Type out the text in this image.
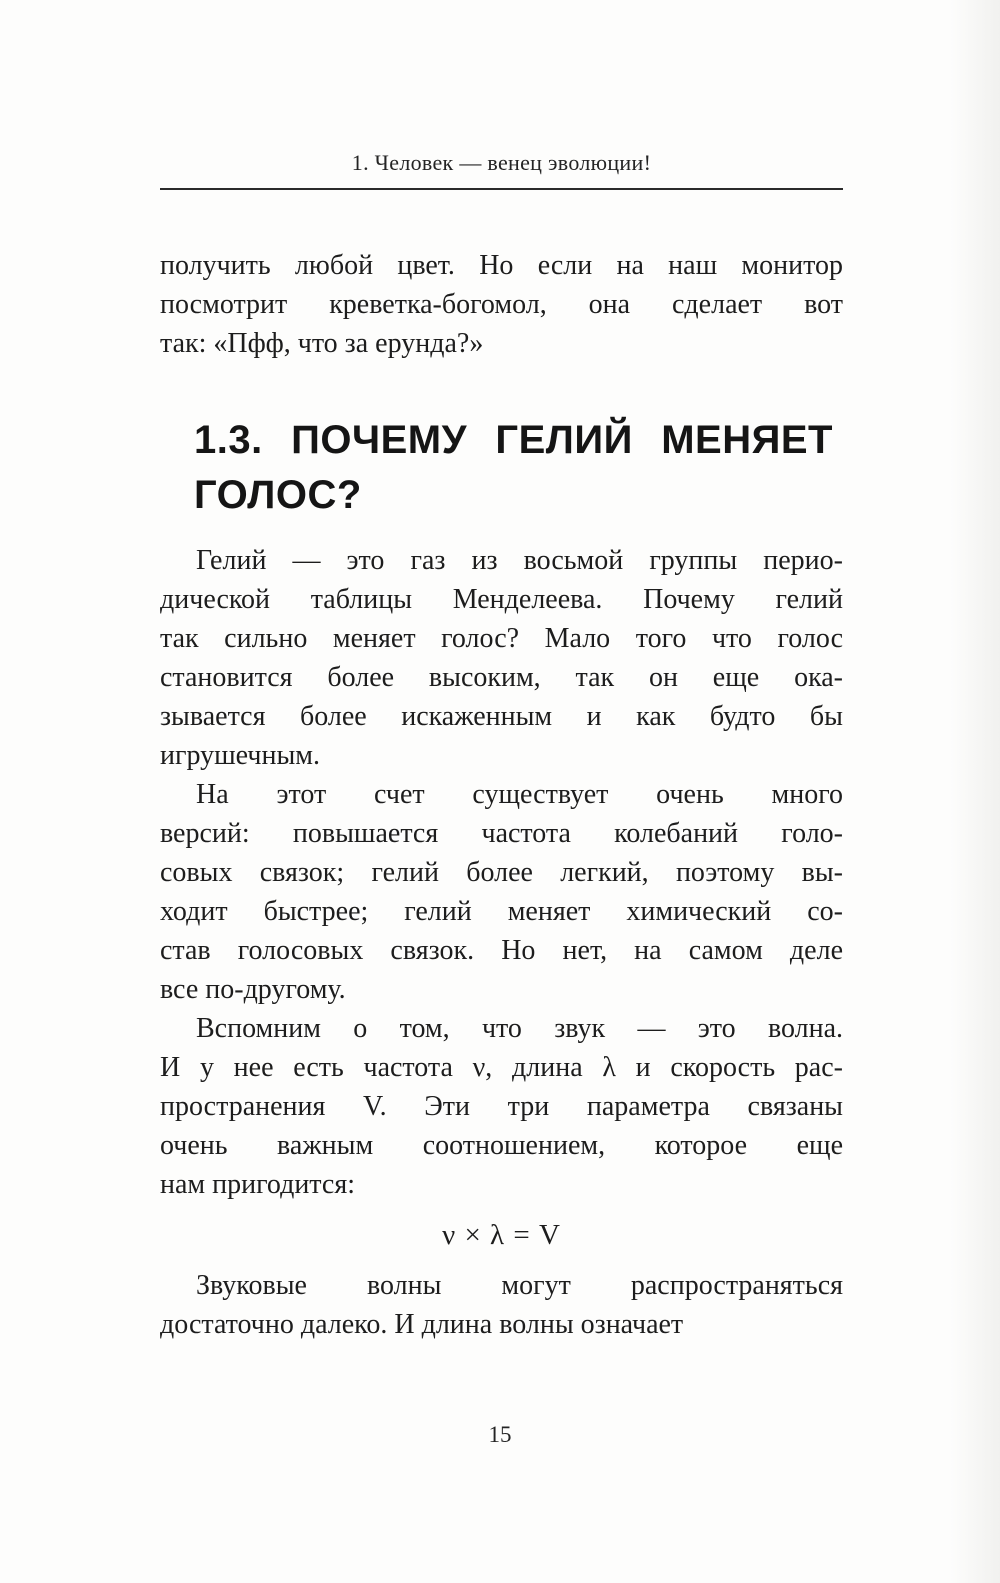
1. Человек — венец эволюции!
получить любой цвет. Но если на наш монитор
посмотрит креветка-богомол, она сделает вот
так: «Пфф, что за ерунда?»
1.3. ПОЧЕМУ ГЕЛИЙ МЕНЯЕТ
ГОЛОС?
Гелий — это газ из восьмой группы перио-
дической таблицы Менделеева. Почему гелий
так сильно меняет голос? Мало того что голос
становится более высоким, так он еще ока-
зывается более искаженным и как будто бы
игрушечным.
На этот счет существует очень много
версий: повышается частота колебаний голо-
совых связок; гелий более легкий, поэтому вы-
ходит быстрее; гелий меняет химический со-
став голосовых связок. Но нет, на самом деле
все по-другому.
Вспомним о том, что звук — это волна.
И у нее есть частота ν, длина λ и скорость рас-
пространения V. Эти три параметра связаны
очень важным соотношением, которое еще
нам пригодится:
ν × λ = V
Звуковые волны могут распространяться
достаточно далеко. И длина волны означает
15
